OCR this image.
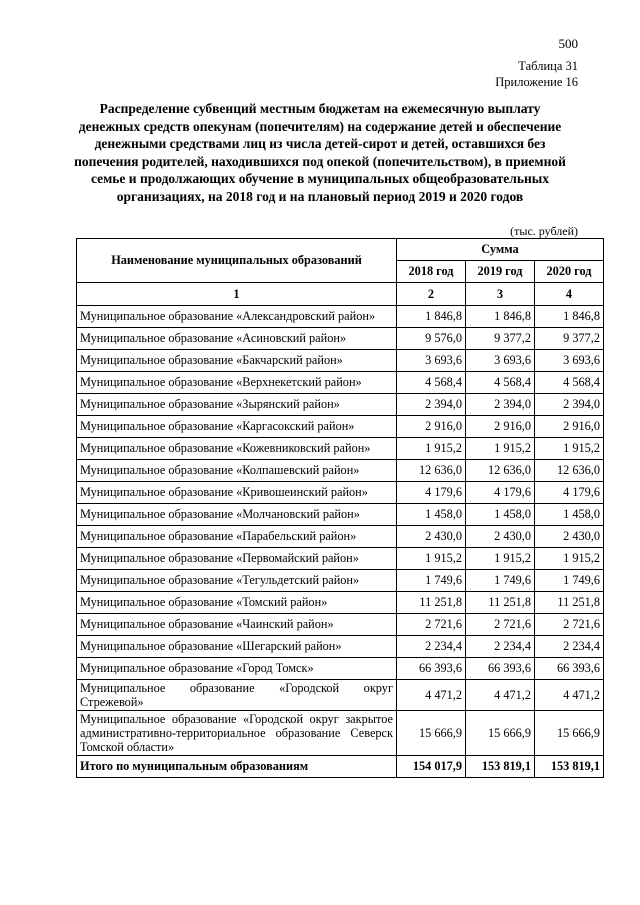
500
Таблица 31
Приложение 16
Распределение субвенций местным бюджетам на ежемесячную выплату денежных средств опекунам (попечителям) на содержание детей и обеспечение денежными средствами лиц из числа детей-сирот и детей, оставшихся без попечения родителей, находившихся под опекой (попечительством), в приемной семье и продолжающих обучение в муниципальных общеобразовательных организациях, на 2018 год и на плановый период 2019 и 2020 годов
(тыс. рублей)
Наименование муниципальных образований	Сумма		
	2018 год	2019 год	2020 год
1	2	3	4
Муниципальное образование «Александровский район»	1 846,8	1 846,8	1 846,8
Муниципальное образование «Асиновский район»	9 576,0	9 377,2	9 377,2
Муниципальное образование «Бакчарский район»	3 693,6	3 693,6	3 693,6
Муниципальное образование «Верхнекетский район»	4 568,4	4 568,4	4 568,4
Муниципальное образование «Зырянский район»	2 394,0	2 394,0	2 394,0
Муниципальное образование «Каргасокский район»	2 916,0	2 916,0	2 916,0
Муниципальное образование «Кожевниковский район»	1 915,2	1 915,2	1 915,2
Муниципальное образование «Колпашевский район»	12 636,0	12 636,0	12 636,0
Муниципальное образование «Кривошеинский район»	4 179,6	4 179,6	4 179,6
Муниципальное образование «Молчановский район»	1 458,0	1 458,0	1 458,0
Муниципальное образование «Парабельский район»	2 430,0	2 430,0	2 430,0
Муниципальное образование «Первомайский район»	1 915,2	1 915,2	1 915,2
Муниципальное образование «Тегульдетский район»	1 749,6	1 749,6	1 749,6
Муниципальное образование «Томский район»	11 251,8	11 251,8	11 251,8
Муниципальное образование «Чаинский район»	2 721,6	2 721,6	2 721,6
Муниципальное образование «Шегарский район»	2 234,4	2 234,4	2 234,4
Муниципальное образование «Город Томск»	66 393,6	66 393,6	66 393,6
Муниципальное образование «Городской округ Стрежевой»	4 471,2	4 471,2	4 471,2
Муниципальное образование «Городской округ закрытое административно-территориальное образование Северск Томской области»	15 666,9	15 666,9	15 666,9
Итого по муниципальным образованиям	154 017,9	153 819,1	153 819,1
